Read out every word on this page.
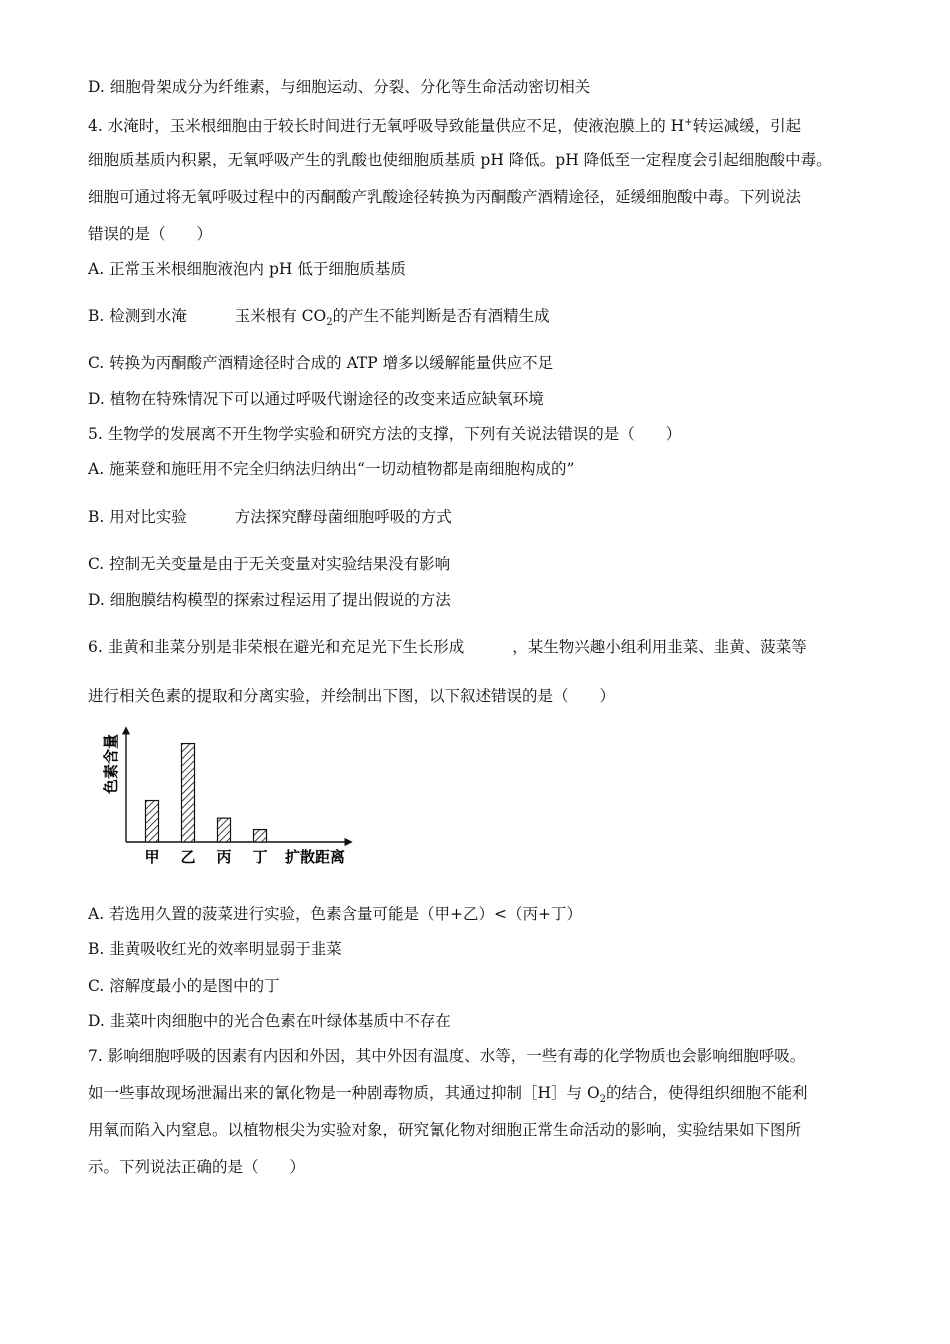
D. 细胞骨架成分为纤维素，与细胞运动、分裂、分化等生命活动密切相关
4. 水淹时，玉米根细胞由于较长时间进行无氧呼吸导致能量供应不足，使液泡膜上的 H+转运减缓，引起
细胞质基质内积累，无氧呼吸产生的乳酸也使细胞质基质 pH 降低。pH 降低至一定程度会引起细胞酸中毒。
细胞可通过将无氧呼吸过程中的丙酮酸产乳酸途径转换为丙酮酸产酒精途径，延缓细胞酸中毒。下列说法
错误的是（　　）
A. 正常玉米根细胞液泡内 pH 低于细胞质基质
B. 检测到水淹	玉米根有 $CO_2$的产生不能判断是否有酒精生成
C. 转换为丙酮酸产酒精途径时合成的 ATP 增多以缓解能量供应不足
D. 植物在特殊情况下可以通过呼吸代谢途径的改变来适应缺氧环境
5. 生物学的发展离不开生物学实验和研究方法的支撑，下列有关说法错误的是（　　）
A. 施莱登和施旺用不完全归纳法归纳出“一切动植物都是南细胞构成的”
B. 用对比实验	方法探究酵母菌细胞呼吸的方式
C. 控制无关变量是由于无关变量对实验结果没有影响
D. 细胞膜结构模型的探索过程运用了提出假说的方法
6. 韭黄和韭菜分别是非荣根在避光和充足光下生长形成	，某生物兴趣小组利用韭菜、韭黄、菠菜等
进行相关色素的提取和分离实验，并绘制出下图，以下叙述错误的是（　　）
色素含量
扩散距离
甲 乙 丙 丁
A. 若选用久置的菠菜进行实验，色素含量可能是（甲+乙）<（丙+丁）
B. 韭黄吸收红光的效率明显弱于韭菜
C. 溶解度最小的是图中的丁
D. 韭菜叶肉细胞中的光合色素在叶绿体基质中不存在
7. 影响细胞呼吸的因素有内因和外因，其中外因有温度、水等，一些有毒的化学物质也会影响细胞呼吸。
如一些事故现场泄漏出来的氰化物是一种剧毒物质，其通过抑制［H］与 $O_2$的结合，使得组织细胞不能利
用氧而陷入内窒息。以植物根尖为实验对象，研究氰化物对细胞正常生命活动的影响，实验结果如下图所
示。下列说法正确的是（　　）
